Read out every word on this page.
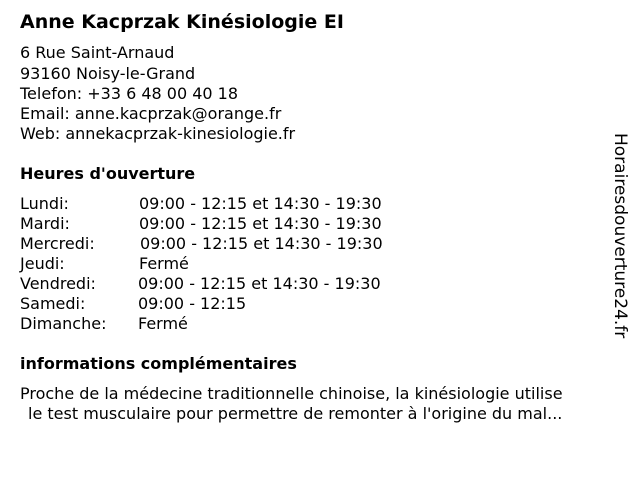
Anne Kacprzak Kinésiologie EI
6 Rue Saint-Arnaud
93160 Noisy-le-Grand
Telefon: +33 6 48 00 40 18
Email: anne.kacprzak@orange.fr
Web: annekacprzak-kinesiologie.fr
Heures d'ouverture
Lundi:	09:00 - 12:15 et 14:30 - 19:30
Mardi:	09:00 - 12:15 et 14:30 - 19:30
Mercredi:	09:00 - 12:15 et 14:30 - 19:30
Jeudi:	Fermé
Vendredi:	09:00 - 12:15 et 14:30 - 19:30
Samedi:	09:00 - 12:15
Dimanche: Fermé
informations complémentaires
Proche de la médecine traditionnelle chinoise, la kinésiologie utilise
le test musculaire pour permettre de remonter à l'origine du mal...
Horairesdouverture24.fr
